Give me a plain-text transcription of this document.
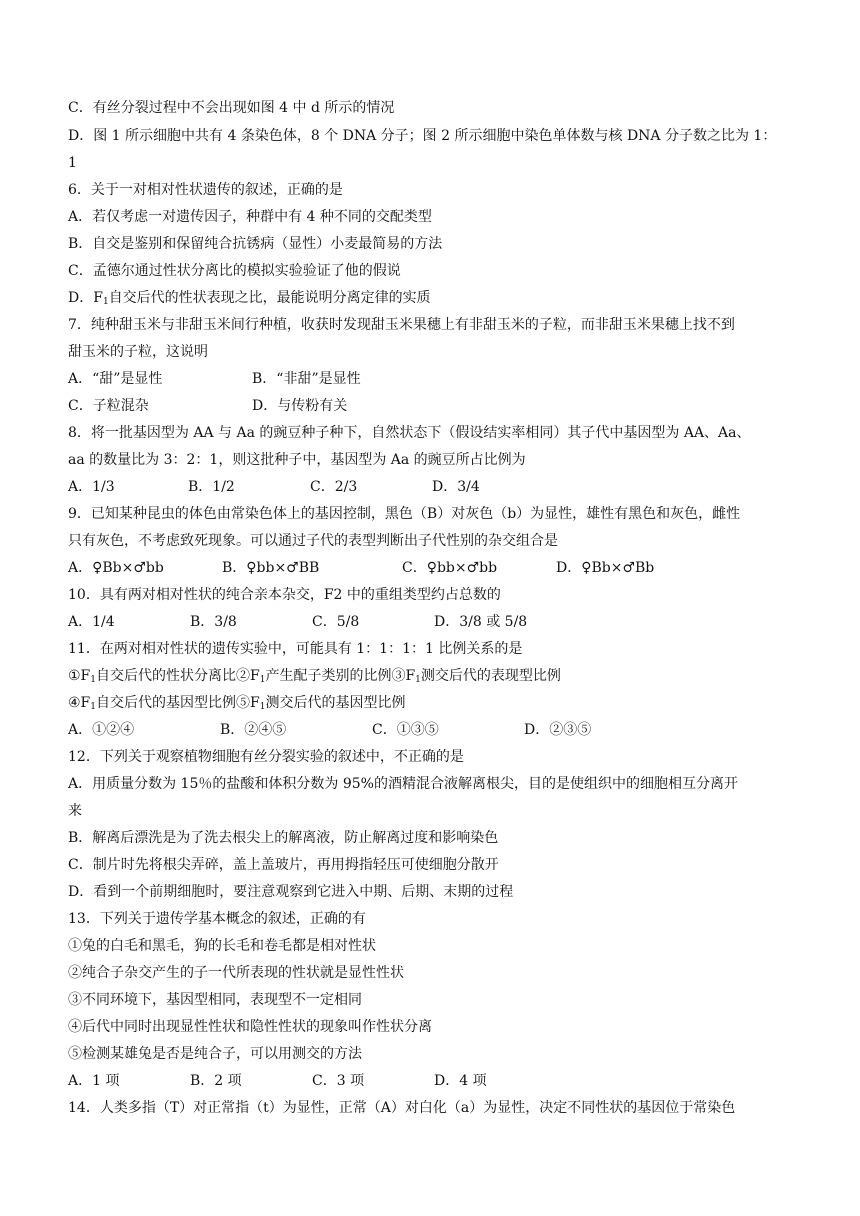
C．有丝分裂过程中不会出现如图 4 中 d 所示的情况
D．图 1 所示细胞中共有 4 条染色体，8 个 DNA 分子；图 2 所示细胞中染色单体数与核 DNA 分子数之比为 1：
1
6．关于一对相对性状遗传的叙述，正确的是
A．若仅考虑一对遗传因子，种群中有 4 种不同的交配类型
B．自交是鉴别和保留纯合抗锈病（显性）小麦最简易的方法
C．孟德尔通过性状分离比的模拟实验验证了他的假说
D．$F_1$自交后代的性状表现之比，最能说明分离定律的实质
7．纯种甜玉米与非甜玉米间行种植，收获时发现甜玉米果穗上有非甜玉米的子粒，而非甜玉米果穗上找不到
甜玉米的子粒，这说明
A．“甜”是显性	B．“非甜”是显性
C．子粒混杂	D．与传粉有关
8．将一批基因型为 AA 与 Aa 的豌豆种子种下，自然状态下（假设结实率相同）其子代中基因型为 AA、Aa、
aa 的数量比为 3：2：1，则这批种子中，基因型为 Aa 的豌豆所占比例为
A．1/3	B．1/2	C．2/3	D．3/4
9．已知某种昆虫的体色由常染色体上的基因控制，黑色（B）对灰色（b）为显性，雄性有黑色和灰色，雌性
只有灰色，不考虑致死现象。可以通过子代的表型判断出子代性别的杂交组合是
A．♀Bb×♂bb	B．♀bb×♂BB	C．♀bb×♂bb	D．♀Bb×♂Bb
10．具有两对相对性状的纯合亲本杂交，F2 中的重组类型约占总数的
A．1/4	B．3/8	C．5/8	D．3/8 或 5/8
11．在两对相对性状的遗传实验中，可能具有 1：1：1：1 比例关系的是
$①F_1$自交后代的性状分离比$②F_1$产生配子类别的比例$③F_1$测交后代的表现型比例
$④F_1$自交后代的基因型比例$⑤F_1$测交后代的基因型比例
A．①②④	B．②④⑤	C．①③⑤	D．②③⑤
12．下列关于观察植物细胞有丝分裂实验的叙述中，不正确的是
A．用质量分数为 15％的盐酸和体积分数为 95%的酒精混合液解离根尖，目的是使组织中的细胞相互分离开
来
B．解离后漂洗是为了洗去根尖上的解离液，防止解离过度和影响染色
C．制片时先将根尖弄碎，盖上盖玻片，再用拇指轻压可使细胞分散开
D．看到一个前期细胞时，要注意观察到它进入中期、后期、末期的过程
13．下列关于遗传学基本概念的叙述，正确的有
①兔的白毛和黑毛，狗的长毛和卷毛都是相对性状
②纯合子杂交产生的子一代所表现的性状就是显性性状
③不同环境下，基因型相同，表现型不一定相同
④后代中同时出现显性性状和隐性性状的现象叫作性状分离
⑤检测某雄兔是否是纯合子，可以用测交的方法
A．1 项	B．2 项	C．3 项	D．4 项
14．人类多指（T）对正常指（t）为显性，正常（A）对白化（a）为显性，决定不同性状的基因位于常染色
